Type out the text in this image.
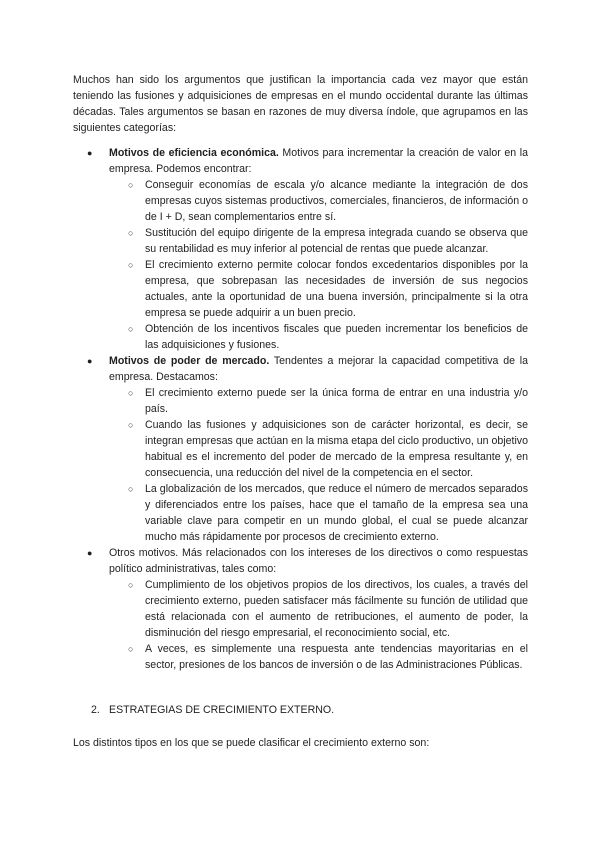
Muchos han sido los argumentos que justifican la importancia cada vez mayor que están teniendo las fusiones y adquisiciones de empresas en el mundo occidental durante las últimas décadas. Tales argumentos se basan en razones de muy diversa índole, que agrupamos en las siguientes categorías:

● Motivos de eficiencia económica. Motivos para incrementar la creación de valor en la empresa. Podemos encontrar:
○ Conseguir economías de escala y/o alcance mediante la integración de dos empresas cuyos sistemas productivos, comerciales, financieros, de información o de I + D, sean complementarios entre sí.
○ Sustitución del equipo dirigente de la empresa integrada cuando se observa que su rentabilidad es muy inferior al potencial de rentas que puede alcanzar.
○ El crecimiento externo permite colocar fondos excedentarios disponibles por la empresa, que sobrepasan las necesidades de inversión de sus negocios actuales, ante la oportunidad de una buena inversión, principalmente si la otra empresa se puede adquirir a un buen precio.
○ Obtención de los incentivos fiscales que pueden incrementar los beneficios de las adquisiciones y fusiones.
● Motivos de poder de mercado. Tendentes a mejorar la capacidad competitiva de la empresa. Destacamos:
○ El crecimiento externo puede ser la única forma de entrar en una industria y/o país.
○ Cuando las fusiones y adquisiciones son de carácter horizontal, es decir, se integran empresas que actúan en la misma etapa del ciclo productivo, un objetivo habitual es el incremento del poder de mercado de la empresa resultante y, en consecuencia, una reducción del nivel de la competencia en el sector.
○ La globalización de los mercados, que reduce el número de mercados separados y diferenciados entre los países, hace que el tamaño de la empresa sea una variable clave para competir en un mundo global, el cual se puede alcanzar mucho más rápidamente por procesos de crecimiento externo.
● Otros motivos. Más relacionados con los intereses de los directivos o como respuestas político administrativas, tales como:
○ Cumplimiento de los objetivos propios de los directivos, los cuales, a través del crecimiento externo, pueden satisfacer más fácilmente su función de utilidad que está relacionada con el aumento de retribuciones, el aumento de poder, la disminución del riesgo empresarial, el reconocimiento social, etc.
○ A veces, es simplemente una respuesta ante tendencias mayoritarias en el sector, presiones de los bancos de inversión o de las Administraciones Públicas.
2. ESTRATEGIAS DE CRECIMIENTO EXTERNO.

Los distintos tipos en los que se puede clasificar el crecimiento externo son:
